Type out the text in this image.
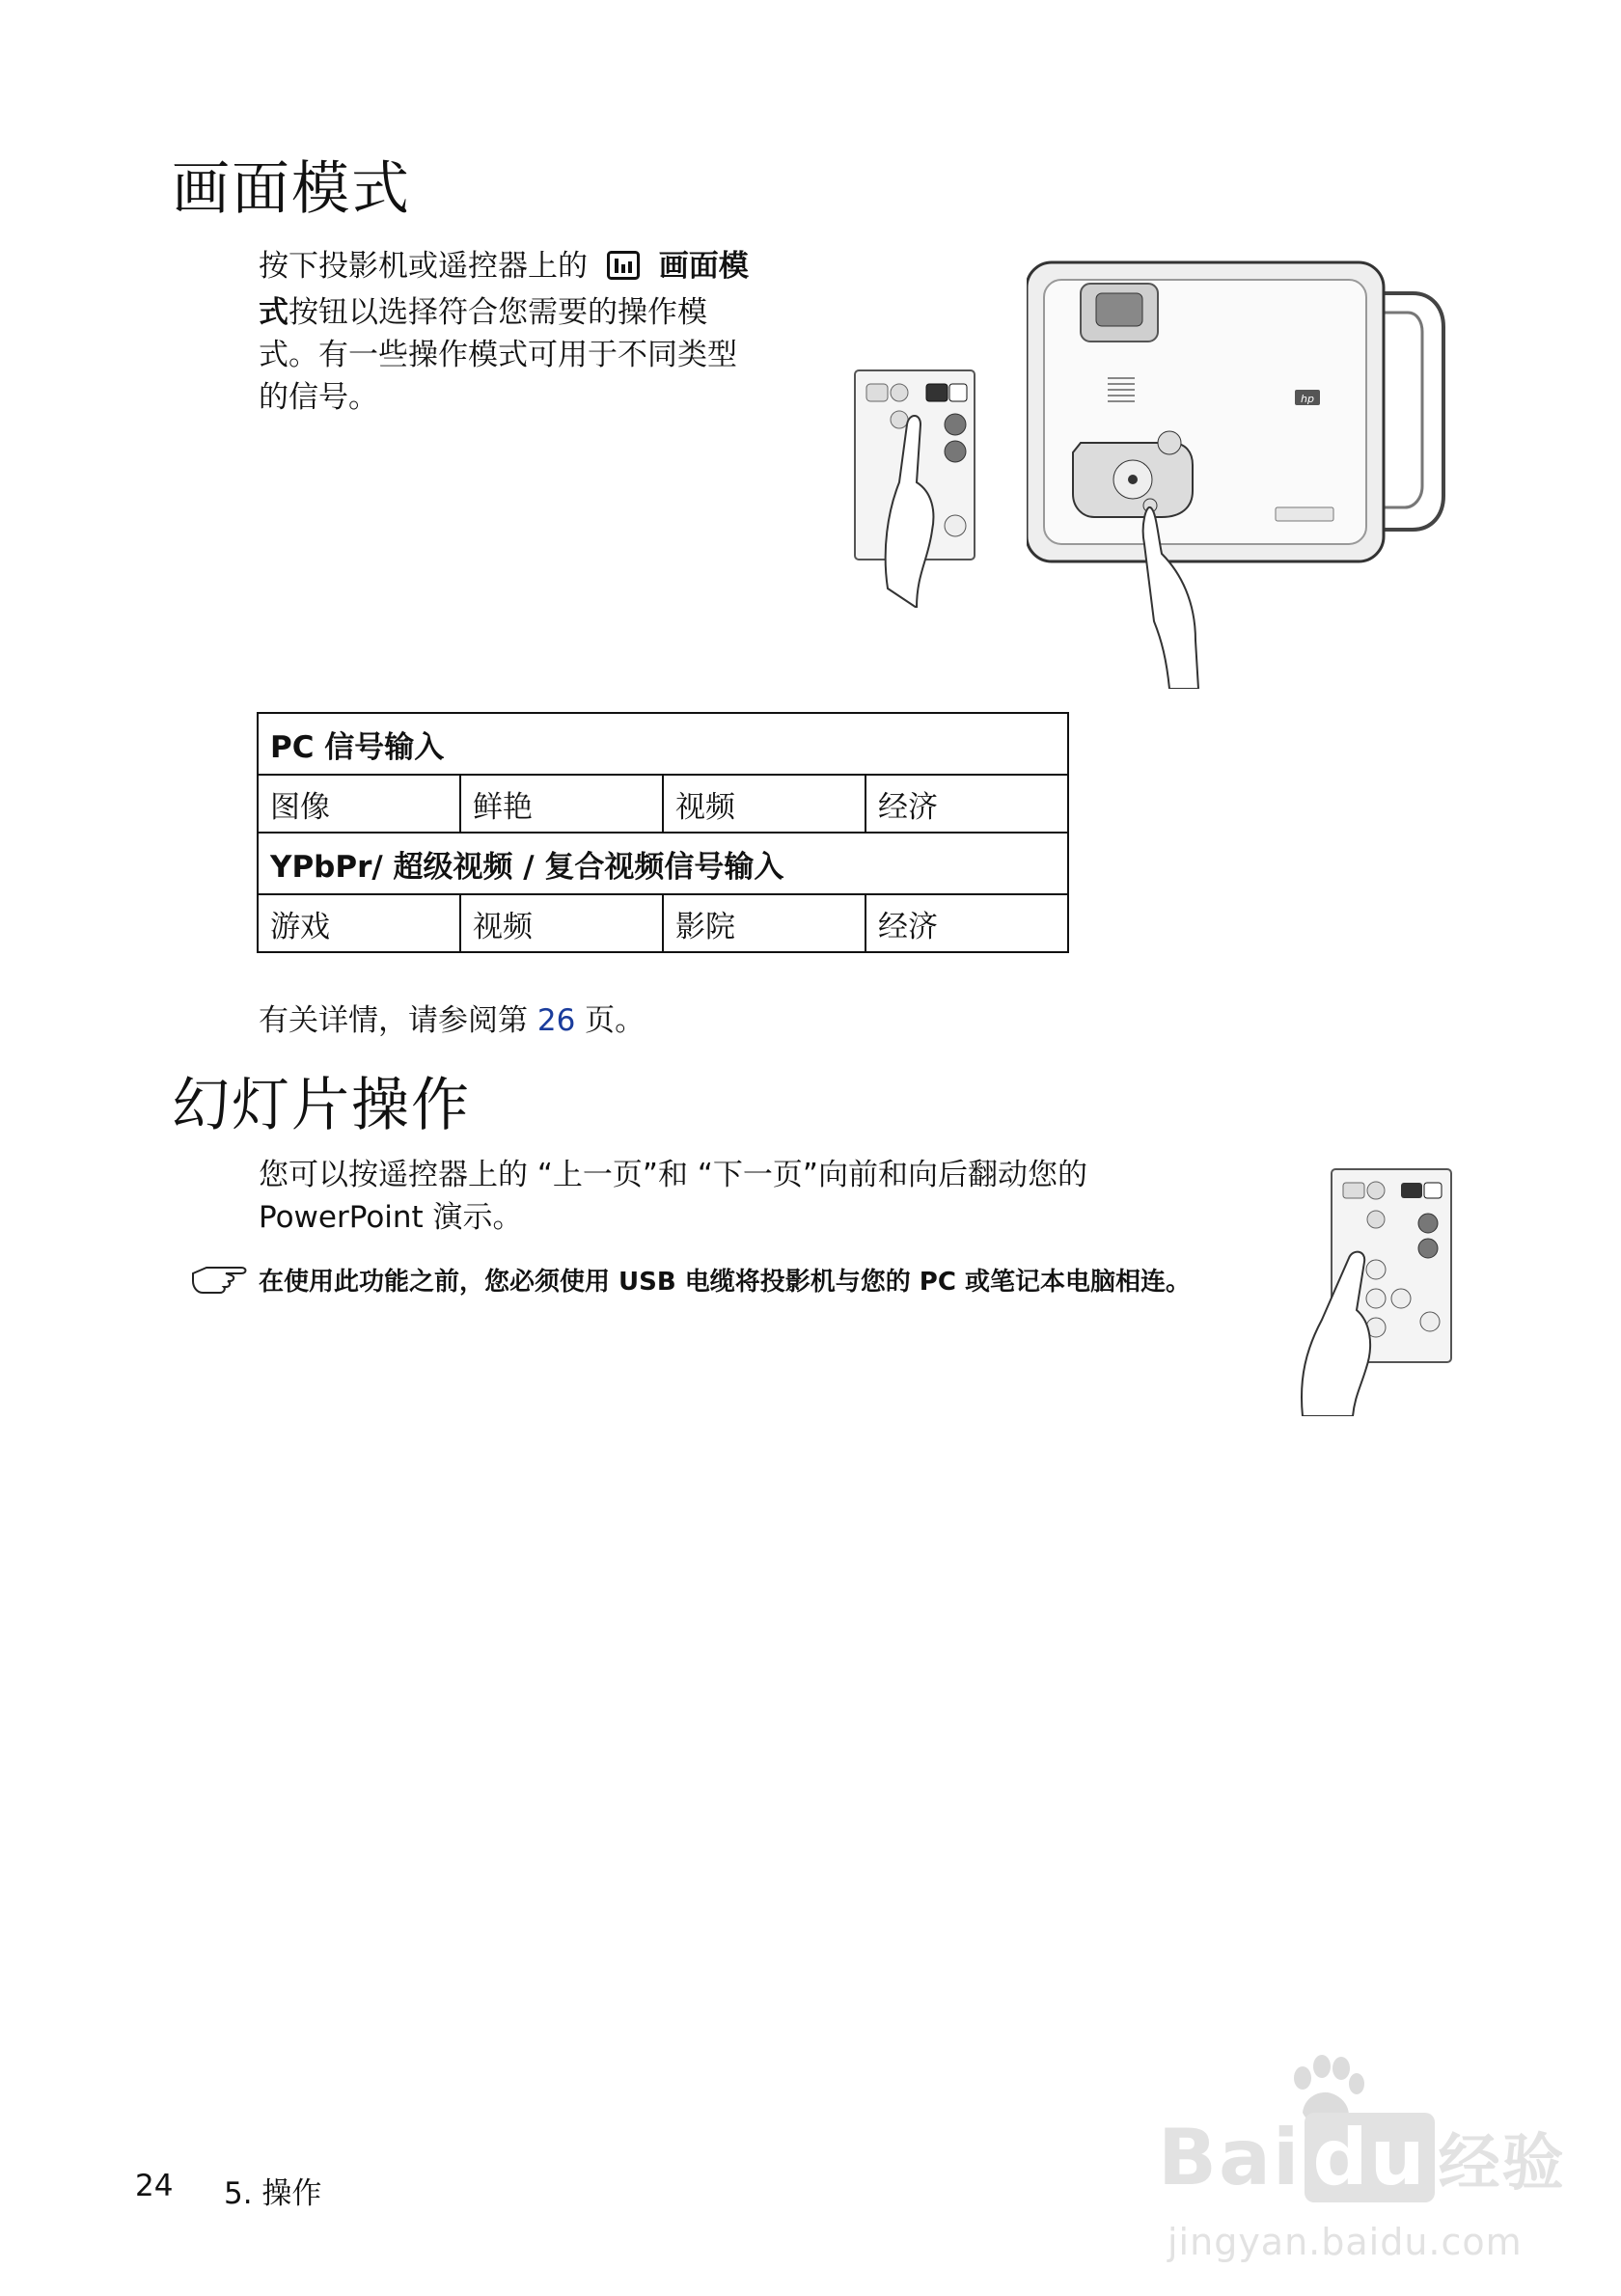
画面模式
按下投影机或遥控器上的 画面模
式按钮以选择符合您需要的操作模
式。有一些操作模式可用于不同类型
的信号。	hp
PC 信号输入			
图像	鲜艳	视频	经济
YPbPr/ 超级视频 / 复合视频信号输入			
游戏	视频	影院	经济
有关详情，请参阅第 26 页。
幻灯片操作
您可以按遥控器上的 “上一页”和 “下一页”向前和向后翻动您的
PowerPoint 演示。
在使用此功能之前，您必须使用 USB 电缆将投影机与您的 PC 或笔记本电脑相连。
24 5. 操作	Bai du 经验
jingyan.baidu.com
